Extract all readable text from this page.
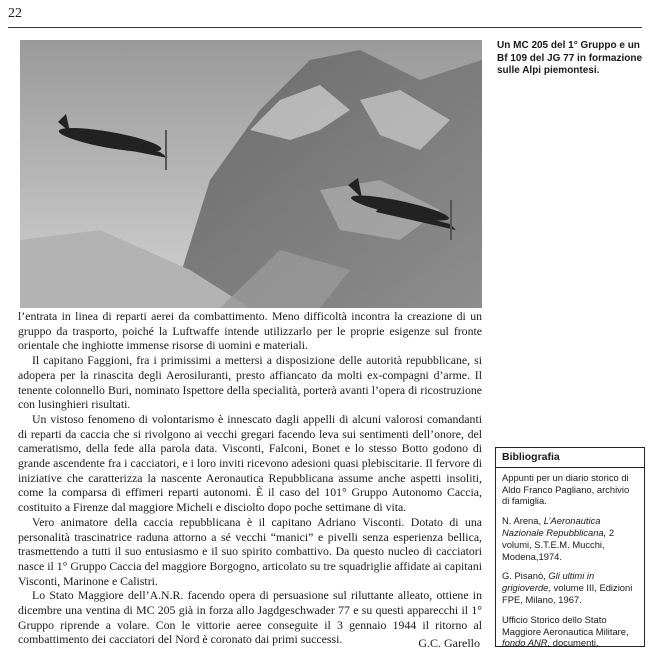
22
Un MC 205 del 1° Gruppo e un Bf 109 del JG 77 in formazione sulle Alpi piemontesi.

l’entrata in linea di reparti aerei da combattimento. Meno difficoltà incontra la creazione di un gruppo da trasporto, poiché la Luftwaffe intende utilizzarlo per le proprie esigenze sul fronte orientale che inghiotte immense risorse di uomini e materiali.

Il capitano Faggioni, fra i primissimi a mettersi a disposizione delle autorità repubblicane, si adopera per la rinascita degli Aerosiluranti, presto affiancato da molti ex-compagni d’arme. Il tenente colonnello Buri, nominato Ispettore della specialità, porterà avanti l’opera di ricostruzione con lusinghieri risultati.

Un vistoso fenomeno di volontarismo è innescato dagli appelli di alcuni valorosi comandanti di reparti da caccia che si rivolgono ai vecchi gregari facendo leva sui sentimenti dell’onore, del cameratismo, della fede alla parola data. Visconti, Falconi, Bonet e lo stesso Botto godono di grande ascendente fra i cacciatori, e i loro inviti ricevono adesioni quasi plebiscitarie. Il fervore di iniziative che caratterizza la nascente Aeronautica Repubblicana assume anche aspetti insoliti, come la comparsa di effimeri reparti autonomi. È il caso del 101° Gruppo Autonomo Caccia, costituito a Firenze dal maggiore Micheli e disciolto dopo poche settimane di vita.

Vero animatore della caccia repubblicana è il capitano Adriano Visconti. Dotato di una personalità trascinatrice raduna attorno a sé vecchi “manici” e pivelli senza esperienza bellica, trasmettendo a tutti il suo entusiasmo e il suo spirito combattivo. Da questo nucleo di cacciatori nasce il 1° Gruppo Caccia del maggiore Borgogno, articolato su tre squadriglie affidate ai capitani Visconti, Marinone e Calistri.

Lo Stato Maggiore dell’A.N.R. facendo opera di persuasione sul riluttante alleato, ottiene in dicembre una ventina di MC 205 già in forza allo Jagdgeschwader 77 e su questi apparecchi il 1° Gruppo riprende a volare. Con le vittorie aeree conseguite il 3 gennaio 1944 il ritorno al combattimento dei cacciatori del Nord è coronato dai primi successi.	G.C. Garello
Bibliografia
Appunti per un diario storico di Aldo Franco Pagliano, archivio di famiglia.
N. Arena, L’Aeronautica Nazionale Repubblicana, 2 volumi, S.T.E.M. Mucchi, Modena,1974.
G. Pisanò, Gli ultimi in grigioverde, volume III, Edizioni FPE, Milano, 1967.
Ufficio Storico dello Stato Maggiore Aeronautica Militare, fondo ANR, documenti.
